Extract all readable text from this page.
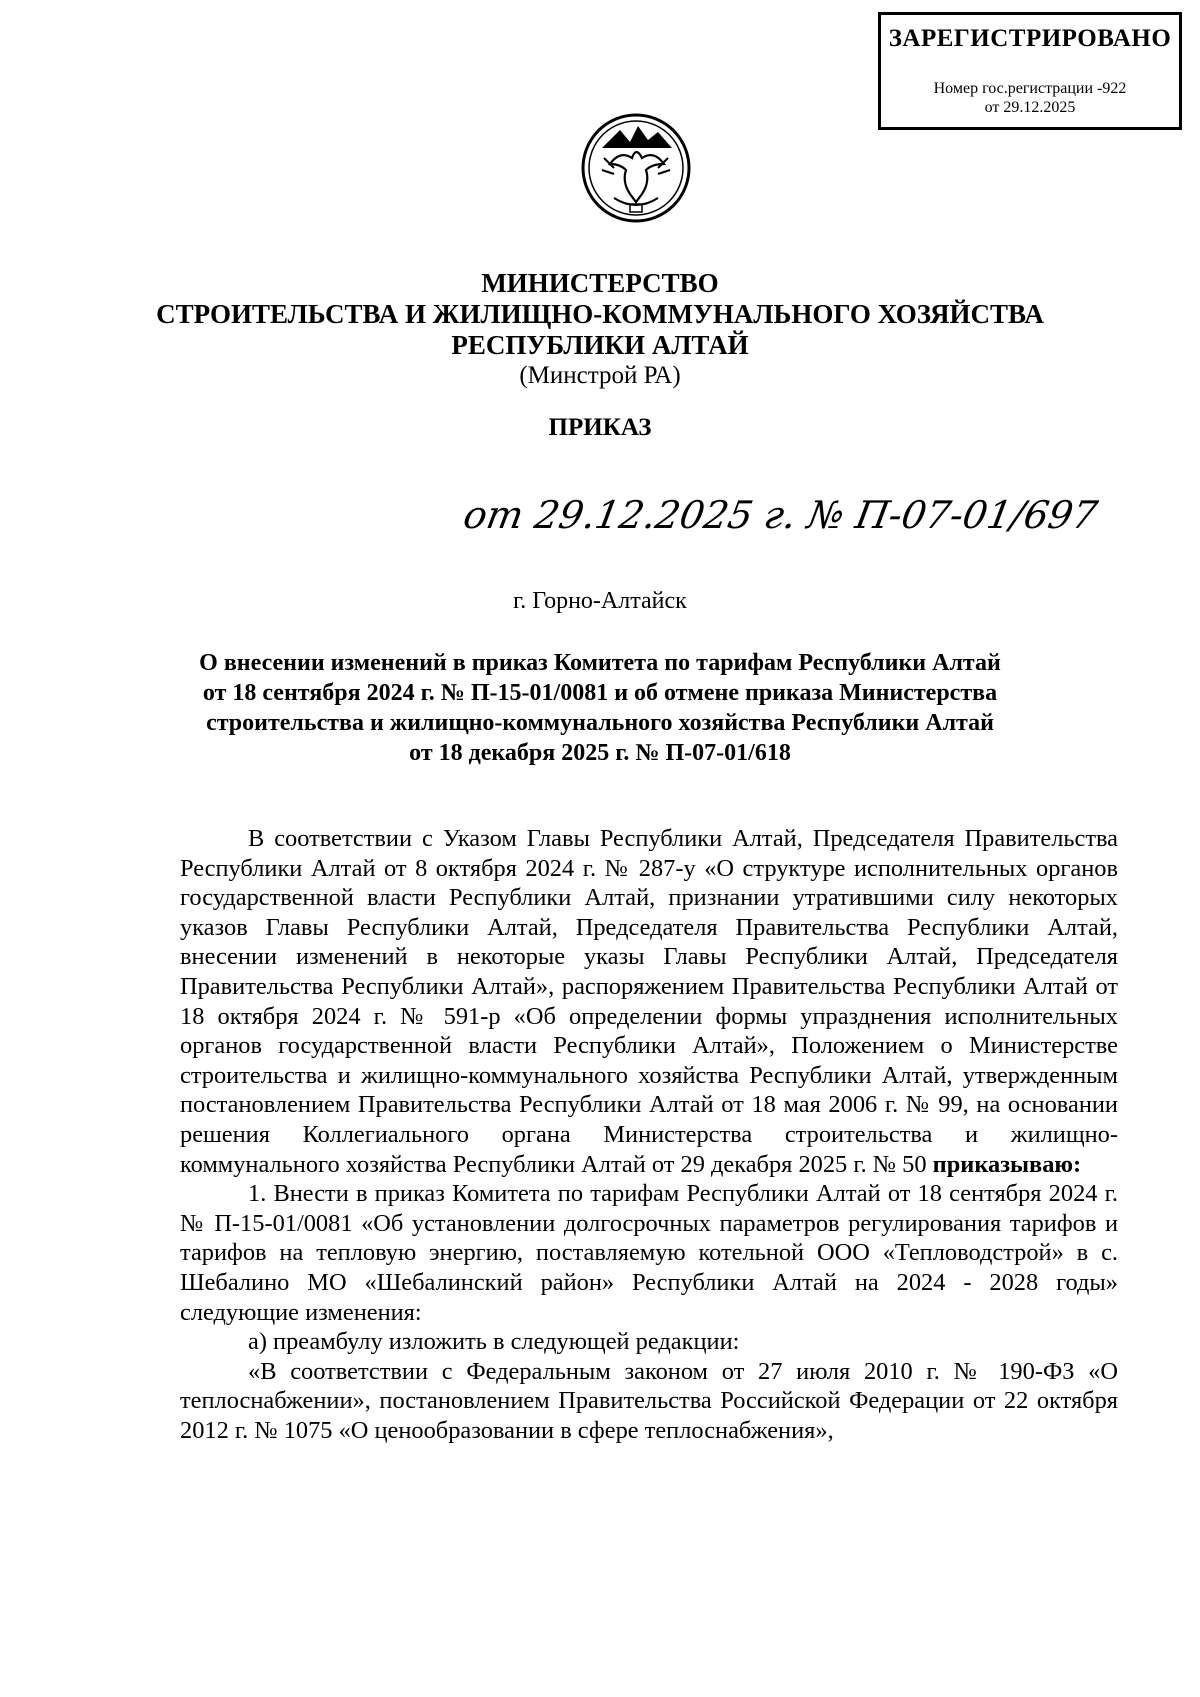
ЗАРЕГИСТРИРОВАНО
Номер гос.регистрации -922
от 29.12.2025
МИНИСТЕРСТВО
СТРОИТЕЛЬСТВА И ЖИЛИЩНО-КОММУНАЛЬНОГО ХОЗЯЙСТВА
РЕСПУБЛИКИ АЛТАЙ
(Минстрой РА)
ПРИКАЗ
от 29.12.2025 г. № П-07-01/697
г. Горно-Алтайск
О внесении изменений в приказ Комитета по тарифам Республики Алтай
от 18 сентября 2024 г. № П-15-01/0081 и об отмене приказа Министерства
строительства и жилищно-коммунального хозяйства Республики Алтай
от 18 декабря 2025 г. № П-07-01/618

В соответствии с Указом Главы Республики Алтай, Председателя Правительства Республики Алтай от 8 октября 2024 г. № 287-у «О структуре исполнительных органов государственной власти Республики Алтай, признании утратившими силу некоторых указов Главы Республики Алтай, Председателя Правительства Республики Алтай, внесении изменений в некоторые указы Главы Республики Алтай, Председателя Правительства Республики Алтай», распоряжением Правительства Республики Алтай от 18 октября 2024 г. № 591-р «Об определении формы упразднения исполнительных органов государственной власти Республики Алтай», Положением о Министерстве строительства и жилищно-коммунального хозяйства Республики Алтай, утвержденным постановлением Правительства Республики Алтай от 18 мая 2006 г. № 99, на основании решения Коллегиального органа Министерства строительства и жилищно-коммунального хозяйства Республики Алтай от 29 декабря 2025 г. № 50 приказываю:

1. Внести в приказ Комитета по тарифам Республики Алтай от 18 сентября 2024 г. № П-15-01/0081 «Об установлении долгосрочных параметров регулирования тарифов и тарифов на тепловую энергию, поставляемую котельной ООО «Тепловодстрой» в с. Шебалино МО «Шебалинский район» Республики Алтай на 2024 - 2028 годы» следующие изменения:

а) преамбулу изложить в следующей редакции:

«В соответствии с Федеральным законом от 27 июля 2010 г. № 190-ФЗ «О теплоснабжении», постановлением Правительства Российской Федерации от 22 октября 2012 г. № 1075 «О ценообразовании в сфере теплоснабжения»,
